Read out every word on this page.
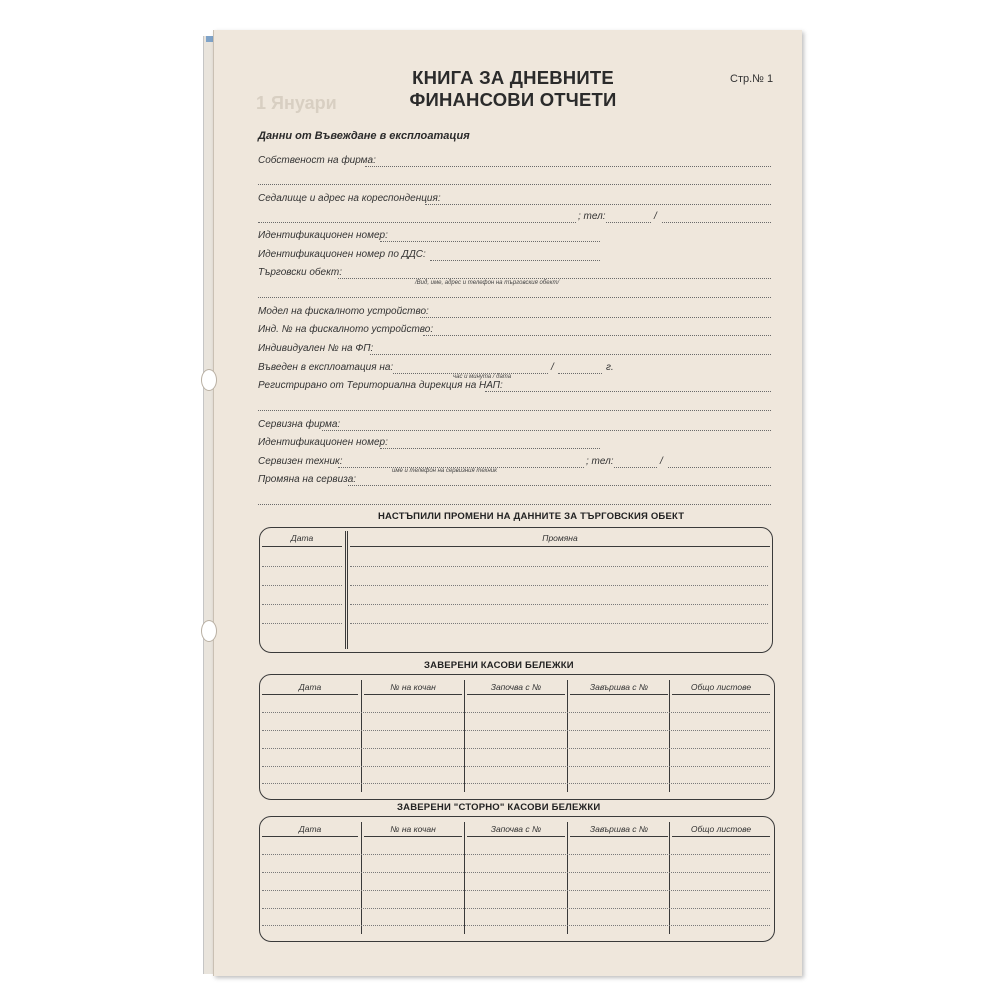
1 Януари
КНИГА ЗА ДНЕВНИТЕ
ФИНАНСОВИ ОТЧЕТИ
Стр.№ 1
Данни от Въвеждане в експлоатация
Собственост на фирма:
Седалище и адрес на кореспонденция:
; тел:	/
Идентификационен номер:
Идентификационен номер по ДДС:
Търговски обект:
/Вид, име, адрес и телефон на търговския обект/
Модел на фискалното устройство:
Инд. № на фискалното устройство:
Индивидуален № на ФП:
Въведен в експлоатация на:	/	г.
час и минута / дата
Регистрирано от Териториална дирекция на НАП:
Сервизна фирма:
Идентификационен номер:
Сервизен техник:
име и телефон на сервизния техник
; тел:	/
Промяна на сервиза:
НАСТЪПИЛИ ПРОМЕНИ НА ДАННИТЕ ЗА ТЪРГОВСКИЯ ОБЕКТ
Дата	Промяна
ЗАВЕРЕНИ КАСОВИ БЕЛЕЖКИ
Дата	№ на кочан	Започва с №	Завършва с №	Общо листове
ЗАВЕРЕНИ "СТОРНО" КАСОВИ БЕЛЕЖКИ
Дата	№ на кочан	Започва с №	Завършва с №	Общо листове
